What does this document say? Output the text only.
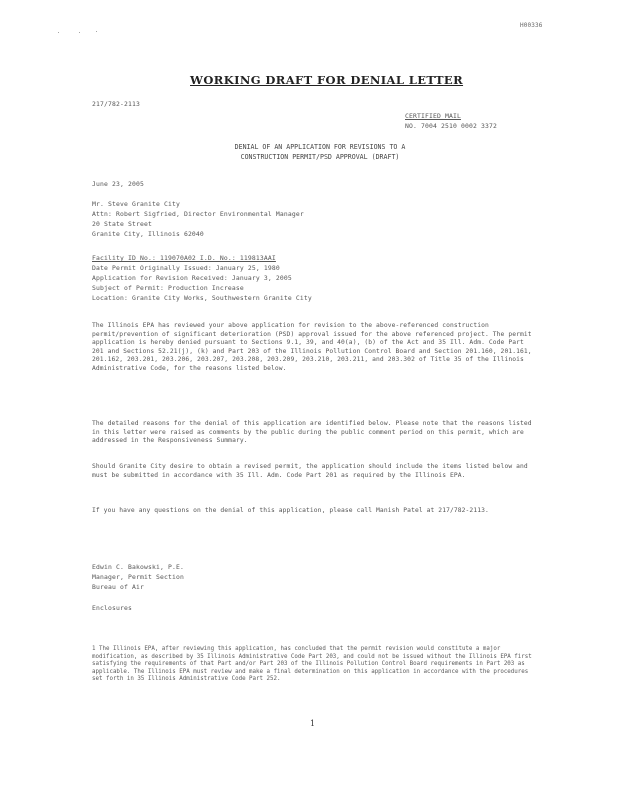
H00336
WORKING DRAFT FOR DENIAL LETTER
217/782-2113
CERTIFIED MAIL
NO. 7004 2510 0002 3372
DENIAL OF AN APPLICATION FOR REVISIONS TO A
CONSTRUCTION PERMIT/PSD APPROVAL (DRAFT)
June 23, 2005
Mr. Steve Granite City
Attn: Robert Sigfried, Director Environmental Manager
20 State Street
Granite City, Illinois 62040
Facility ID No.: 119070A02 I.D. No.: 119813AAI
Date Permit Originally Issued: January 25, 1980
Application for Revision Received: January 3, 2005
Subject of Permit: Production Increase
Location: Granite City Works, Southwestern Granite City
The Illinois EPA has reviewed your above application for revision to the above-referenced construction permit/prevention of significant deterioration (PSD) approval issued for the above referenced project. The permit application is hereby denied pursuant to Sections 9.1, 39, and 40(a), (b) of the Act and 35 Ill. Adm. Code Part 201 and Sections 52.21(j), (k) and Part 203 of the Illinois Pollution Control Board and Section 201.160, 201.161, 201.162, 203.201, 203.206, 203.207, 203.208, 203.209, 203.210, 203.211, and 203.302 of Title 35 of the Illinois Administrative Code, for the reasons listed below.
The detailed reasons for the denial of this application are identified below. Please note that the reasons listed in this letter were raised as comments by the public during the public comment period on this permit, which are addressed in the Responsiveness Summary.
Should Granite City desire to obtain a revised permit, the application should include the items listed below and must be submitted in accordance with 35 Ill. Adm. Code Part 201 as required by the Illinois EPA.
If you have any questions on the denial of this application, please call Manish Patel at 217/782-2113.
Edwin C. Bakowski, P.E.
Manager, Permit Section
Bureau of Air
Enclosures
1 The Illinois EPA, after reviewing this application, has concluded that the permit revision would constitute a major modification, as described by 35 Illinois Administrative Code Part 203, and could not be issued without the Illinois EPA first satisfying the requirements of that Part and/or Part 203 of the Illinois Pollution Control Board requirements in Part 203 as applicable. The Illinois EPA must review and make a final determination on this application in accordance with the procedures set forth in 35 Illinois Administrative Code Part 252.
1
